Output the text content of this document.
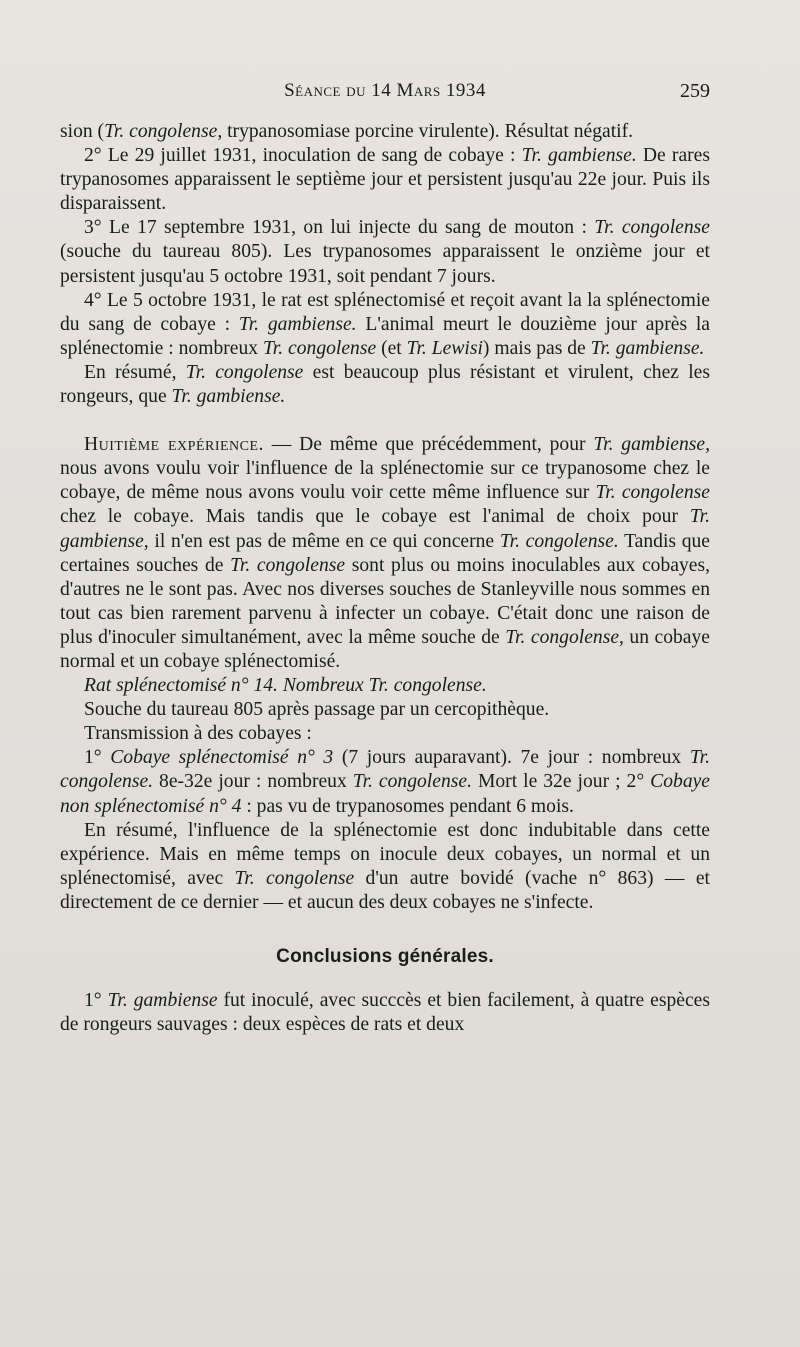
Séance du 14 Mars 1934	259

sion (Tr. congolense, trypanosomiase porcine virulente). Résultat négatif.

2° Le 29 juillet 1931, inoculation de sang de cobaye : Tr. gambiense. De rares trypanosomes apparaissent le septième jour et persistent jusqu'au 22e jour. Puis ils disparaissent.

3° Le 17 septembre 1931, on lui injecte du sang de mouton : Tr. congolense (souche du taureau 805). Les trypanosomes apparaissent le onzième jour et persistent jusqu'au 5 octobre 1931, soit pendant 7 jours.

4° Le 5 octobre 1931, le rat est splénectomisé et reçoit avant la la splénectomie du sang de cobaye : Tr. gambiense. L'animal meurt le douzième jour après la splénectomie : nombreux Tr. congolense (et Tr. Lewisi) mais pas de Tr. gambiense.

En résumé, Tr. congolense est beaucoup plus résistant et virulent, chez les rongeurs, que Tr. gambiense.

Huitième expérience. — De même que précédemment, pour Tr. gambiense, nous avons voulu voir l'influence de la splénectomie sur ce trypanosome chez le cobaye, de même nous avons voulu voir cette même influence sur Tr. congolense chez le cobaye. Mais tandis que le cobaye est l'animal de choix pour Tr. gambiense, il n'en est pas de même en ce qui concerne Tr. congolense. Tandis que certaines souches de Tr. congolense sont plus ou moins inoculables aux cobayes, d'autres ne le sont pas. Avec nos diverses souches de Stanleyville nous sommes en tout cas bien rarement parvenu à infecter un cobaye. C'était donc une raison de plus d'inoculer simultanément, avec la même souche de Tr. congolense, un cobaye normal et un cobaye splénectomisé.

Rat splénectomisé n° 14. Nombreux Tr. congolense.

Souche du taureau 805 après passage par un cercopithèque.

Transmission à des cobayes :

1° Cobaye splénectomisé n° 3 (7 jours auparavant). 7e jour : nombreux Tr. congolense. 8e-32e jour : nombreux Tr. congolense. Mort le 32e jour ; 2° Cobaye non splénectomisé n° 4 : pas vu de trypanosomes pendant 6 mois.

En résumé, l'influence de la splénectomie est donc indubitable dans cette expérience. Mais en même temps on inocule deux cobayes, un normal et un splénectomisé, avec Tr. congolense d'un autre bovidé (vache n° 863) — et directement de ce dernier — et aucun des deux cobayes ne s'infecte.

Conclusions générales.

1° Tr. gambiense fut inoculé, avec succcès et bien facilement, à quatre espèces de rongeurs sauvages : deux espèces de rats et deux
